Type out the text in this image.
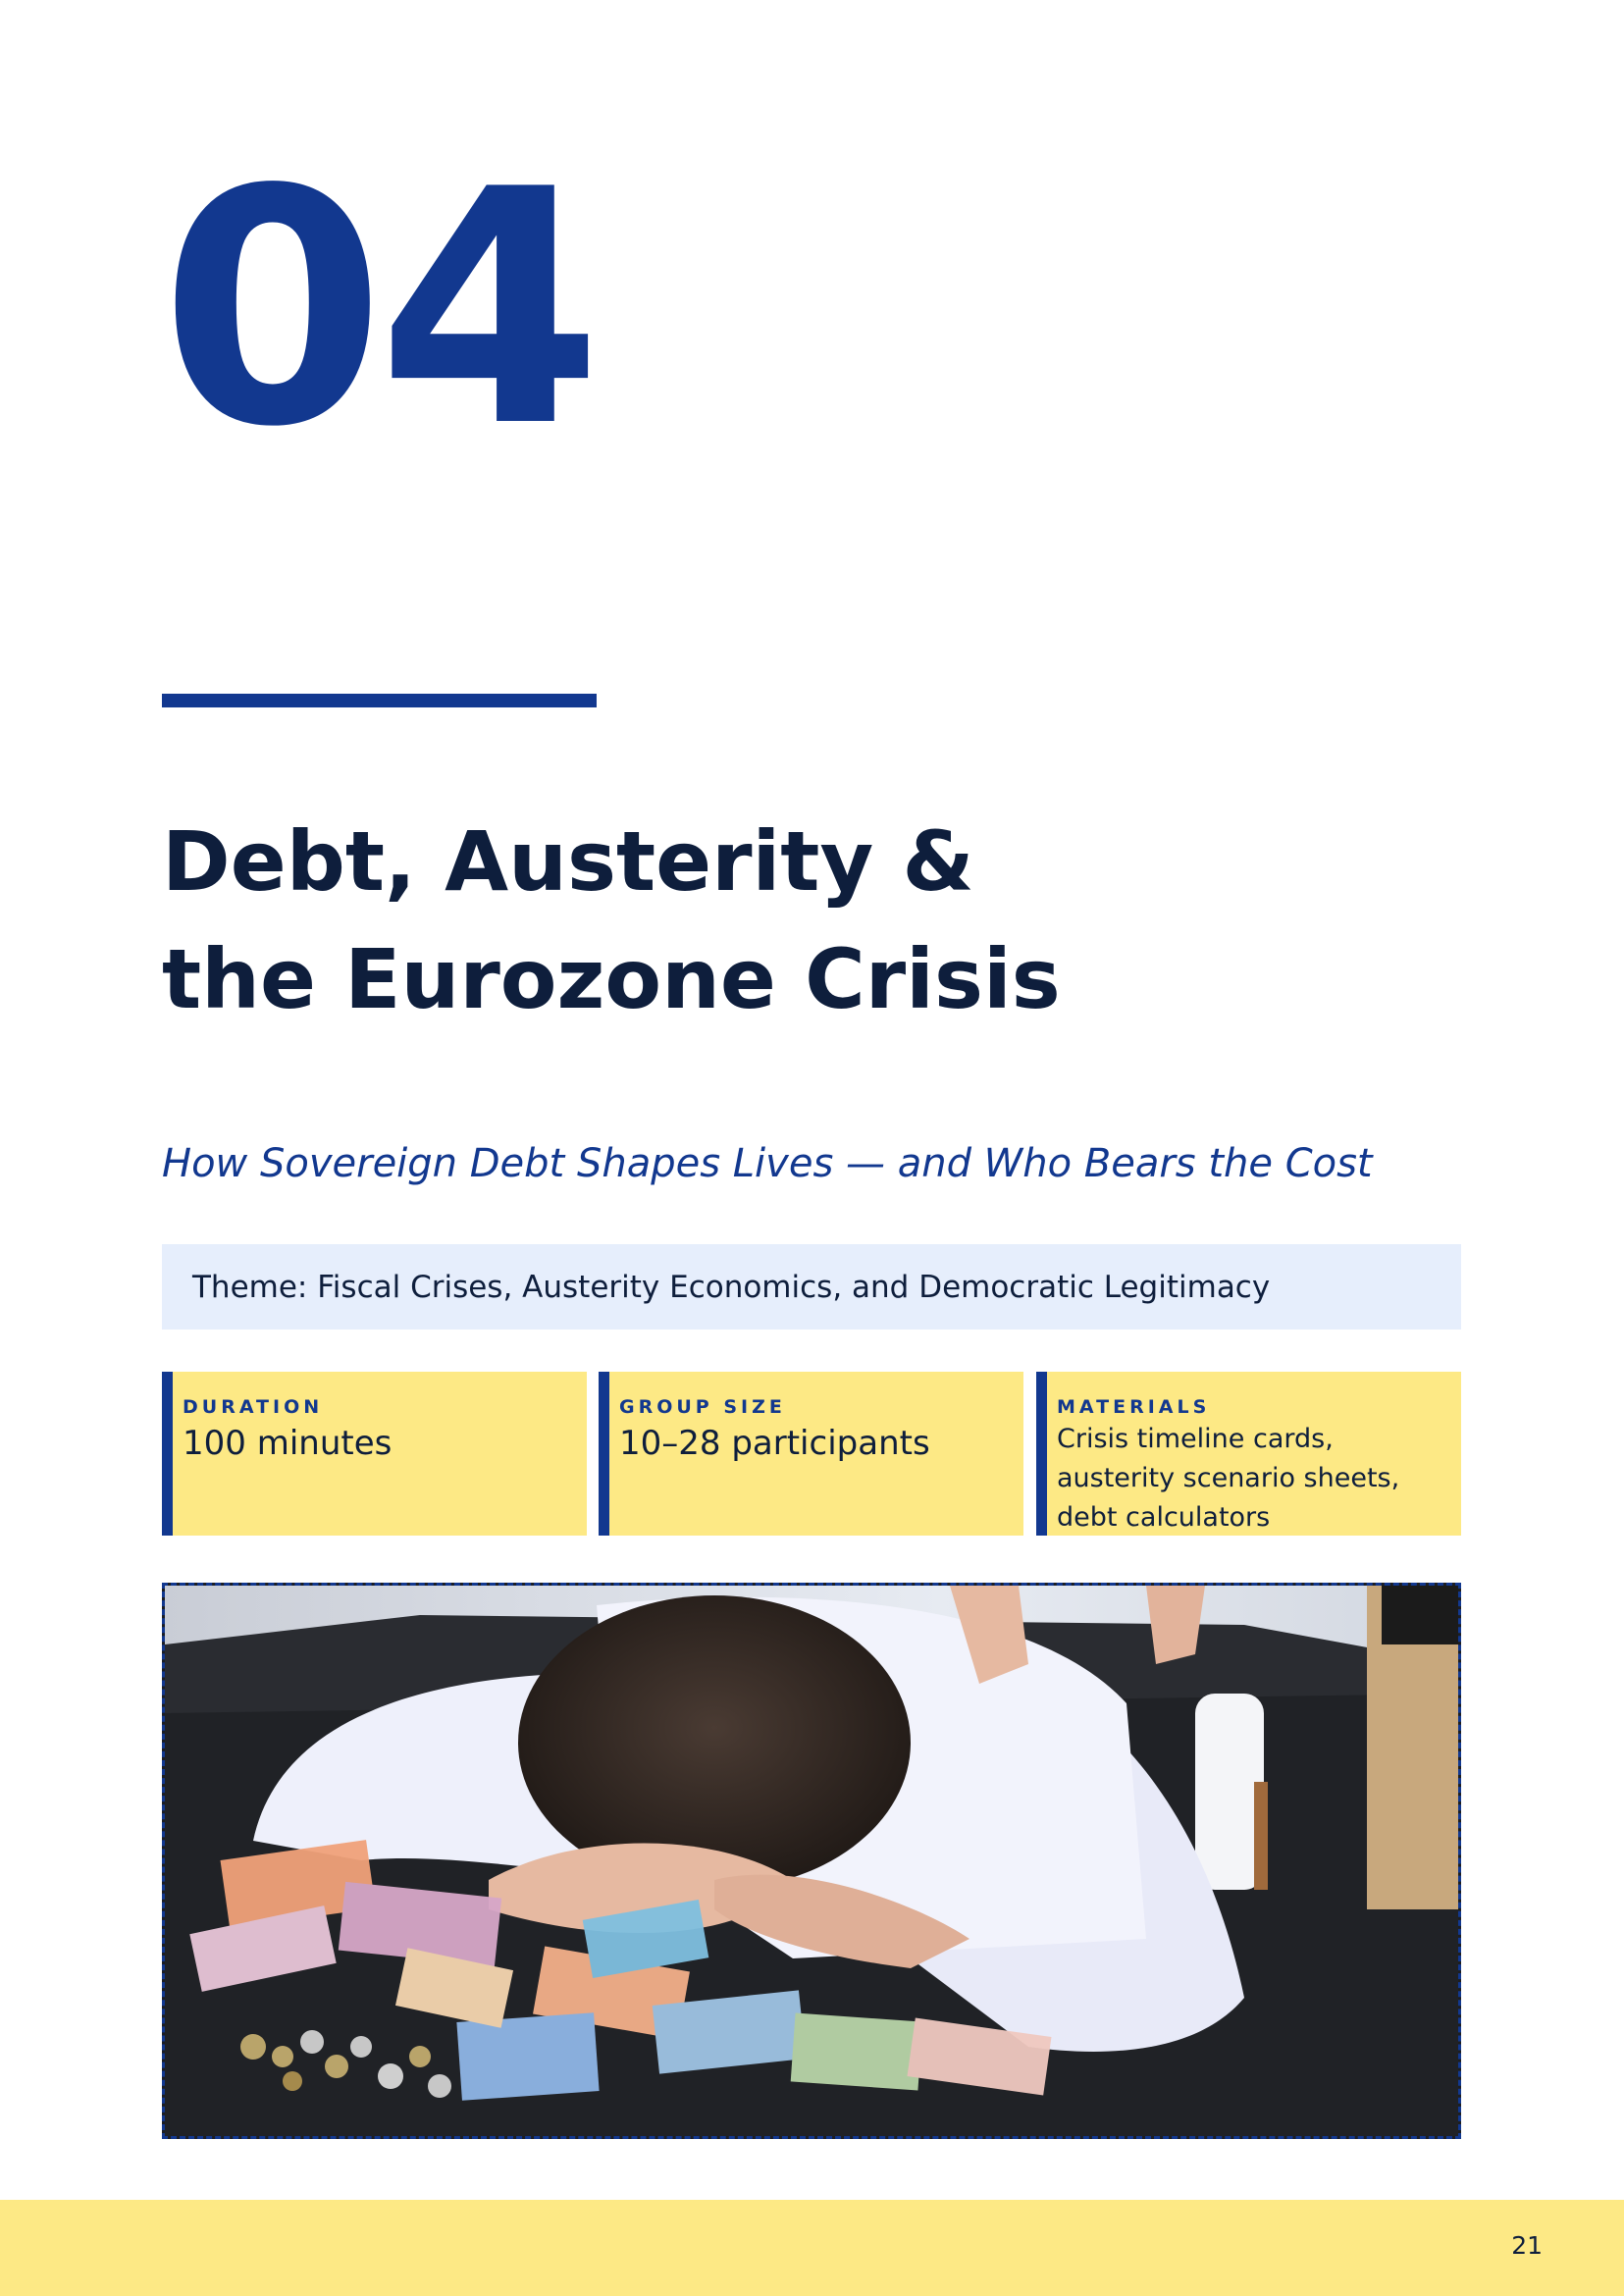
04
Debt, Austerity &
the Eurozone Crisis
How Sovereign Debt Shapes Lives — and Who Bears the Cost
Theme: Fiscal Crises, Austerity Economics, and Democratic Legitimacy
DURATION
100 minutes
GROUP SIZE
10–28 participants
MATERIALS
Crisis timeline cards, austerity scenario sheets, debt calculators
21
